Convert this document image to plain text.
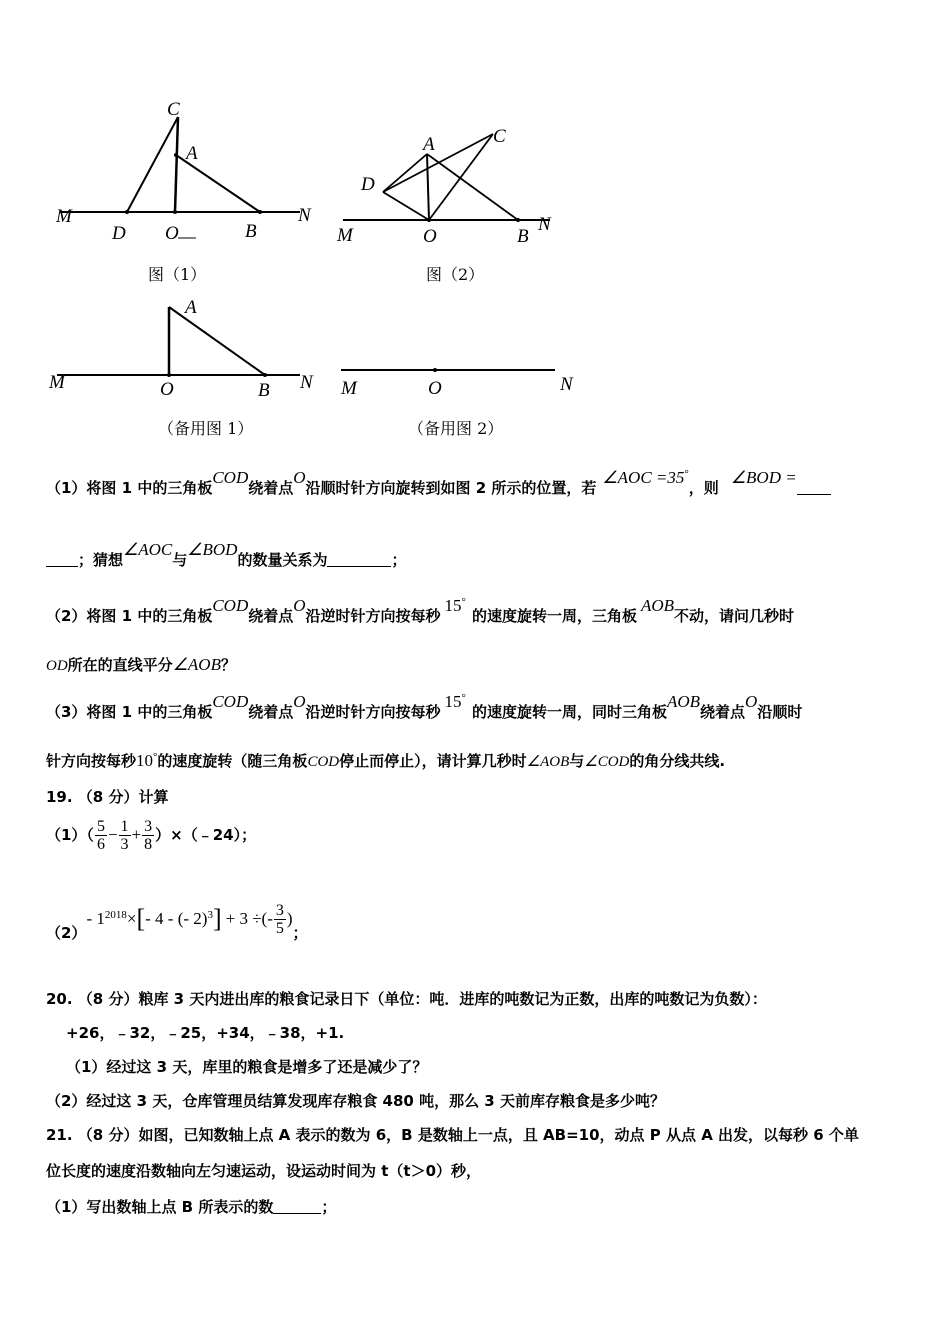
C
A
M
D O	B
N
图（1）
A	C
D
M	O	B
N
图（2）
A
M	O	B N
（备用图 1）
M	O	N
（备用图 2）
（1）将图 1 中的三角板COD绕着点O沿顺时针方向旋转到如图 2 所示的位置，若∠AOC =35°，则∠BOD =
；猜想∠AOC与∠BOD的数量关系为	；
（2）将图 1 中的三角板COD绕着点O沿逆时针方向按每秒15°的速度旋转一周，三角板AOB不动，请问几秒时
OD所在的直线平分∠AOB？
（3）将图 1 中的三角板COD绕着点O沿逆时针方向按每秒15°的速度旋转一周，同时三角板AOB绕着点O沿顺时
针方向按每秒10°的速度旋转（随三角板COD停止而停止），请计算几秒时∠AOB与∠COD的角分线共线.
19. （8 分）计算
$(1)( \frac{5}{6} - \frac{1}{3} + \frac{3}{8}$ ）×（﹣24）；
（2）- $1^{2018}\times[-$ 4 - (- 2)$^3$] + 3 ÷(- $\frac{3}{5}$ )；
20. （8 分）粮库 3 天内进出库的粮食记录日下（单位：吨．进库的吨数记为正数，出库的吨数记为负数）：
+26，﹣32，﹣25，+34，﹣38，+1.
（1）经过这 3 天，库里的粮食是增多了还是减少了？
（2）经过这 3 天，仓库管理员结算发现库存粮食 480 吨，那么 3 天前库存粮食是多少吨？
21. （8 分）如图，已知数轴上点 A 表示的数为 6，B 是数轴上一点，且 AB=10，动点 P 从点 A 出发，以每秒 6 个单
位长度的速度沿数轴向左匀速运动，设运动时间为 t（t＞0）秒，
（1）写出数轴上点 B 所表示的数	；
